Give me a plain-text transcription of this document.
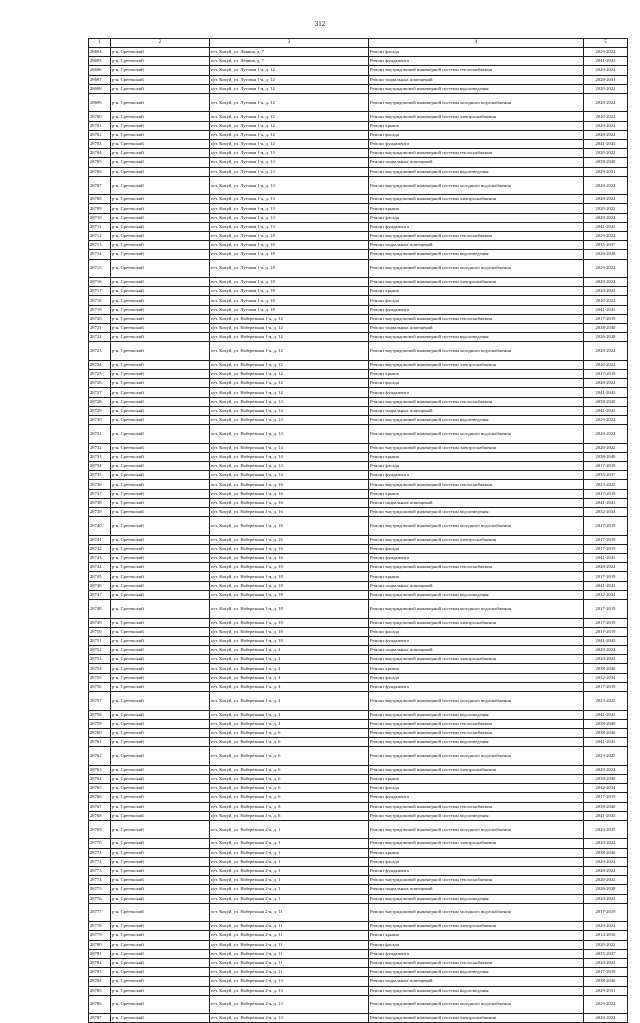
312
1	2	3	4	5
28694	р-н. Сретенский	пгт. Кокуй, ул. Ленина, д. 7	Ремонт фасада	2020-2022
28695	р-н. Сретенский	пгт. Кокуй, ул. Ленина, д. 7	Ремонт фундамента	2041-2043
28696	р-н. Сретенский	пгт. Кокуй, ул. Лутовая 1-я, д. 12	Ремонт внутридомовой инженерной системы теплоснабжения	2020-2022
28697	р-н. Сретенский	пгт. Кокуй, ул. Лутовая 1-я, д. 12	Ремонт подвальных помещений	2029-2031
28698	р-н. Сретенский	пгт. Кокуй, ул. Лутовая 1-я, д. 12	Ремонт внутридомовой инженерной системы водоотведения	2020-2022
28699	р-н. Сретенский	пгт. Кокуй, ул. Лутовая 1-я, д. 12	Ремонт внутридомовой инженерной системы холодного водоснабжения	2020-2022
28700	р-н. Сретенский	пгт. Кокуй, ул. Лутовая 1-я, д. 12	Ремонт внутридомовой инженерной системы электроснабжения	2020-2022
28701	р-н. Сретенский	пгт. Кокуй, ул. Лутовая 1-я, д. 12	Ремонт крыши	2020-2022
28702	р-н. Сретенский	пгт. Кокуй, ул. Лутовая 1-я, д. 12	Ремонт фасада	2020-2022
28703	р-н. Сретенский	пгт. Кокуй, ул. Лутовая 1-я, д. 12	Ремонт фундамента	2041-2043
28704	р-н. Сретенский	пгт. Кокуй, ул. Лутовая 1-я, д. 13	Ремонт внутридомовой инженерной системы теплоснабжения	2020-2022
28705	р-н. Сретенский	пгт. Кокуй, ул. Лутовая 1-я, д. 13	Ремонт подвальных помещений	2038-2040
28706	р-н. Сретенский	пгт. Кокуй, ул. Лутовая 1-я, д. 13	Ремонт внутридомовой инженерной системы водоотведения	2029-2031
28707	р-н. Сретенский	пгт. Кокуй, ул. Лутовая 1-я, д. 13	Ремонт внутридомовой инженерной системы холодного водоснабжения	2020-2022
28708	р-н. Сретенский	пгт. Кокуй, ул. Лутовая 1-я, д. 13	Ремонт внутридомовой инженерной системы электроснабжения	2020-2022
28709	р-н. Сретенский	пгт. Кокуй, ул. Лутовая 1-я, д. 13	Ремонт крыши	2020-2022
28710	р-н. Сретенский	пгт. Кокуй, ул. Лутовая 1-я, д. 13	Ремонт фасада	2020-2022
28711	р-н. Сретенский	пгт. Кокуй, ул. Лутовая 1-я, д. 13	Ремонт фундамента	2041-2043
28712	р-н. Сретенский	пгт. Кокуй, ул. Лутовая 1-я, д. 18	Ремонт внутридомовой инженерной системы теплоснабжения	2020-2022
28713	р-н. Сретенский	пгт. Кокуй, ул. Лутовая 1-я, д. 18	Ремонт подвальных помещений	2035-2037
28714	р-н. Сретенский	пгт. Кокуй, ул. Лутовая 1-я, д. 18	Ремонт внутридомовой инженерной системы водоотведения	2026-2028
28715	р-н. Сретенский	пгт. Кокуй, ул. Лутовая 1-я, д. 18	Ремонт внутридомовой инженерной системы холодного водоснабжения	2020-2022
28716	р-н. Сретенский	пгт. Кокуй, ул. Лутовая 1-я, д. 18	Ремонт внутридомовой инженерной системы электроснабжения	2020-2022
28717	р-н. Сретенский	пгт. Кокуй, ул. Лутовая 1-я, д. 18	Ремонт крыши	2020-2022
28718	р-н. Сретенский	пгт. Кокуй, ул. Лутовая 1-я, д. 18	Ремонт фасада	2020-2022
28719	р-н. Сретенский	пгт. Кокуй, ул. Лутовая 1-я, д. 18	Ремонт фундамента	2041-2043
28720	р-н. Сретенский	пгт. Кокуй, ул. Набережная 1-я, д. 12	Ремонт внутридомовой инженерной системы теплоснабжения	2017-2019
28721	р-н. Сретенский	пгт. Кокуй, ул. Набережная 1-я, д. 12	Ремонт подвальных помещений	2038-2040
28722	р-н. Сретенский	пгт. Кокуй, ул. Набережная 1-я, д. 12	Ремонт внутридомовой инженерной системы водоотведения	2026-2028
28723	р-н. Сретенский	пгт. Кокуй, ул. Набережная 1-я, д. 12	Ремонт внутридомовой инженерной системы холодного водоснабжения	2020-2022
28724	р-н. Сретенский	пгт. Кокуй, ул. Набережная 1-я, д. 12	Ремонт внутридомовой инженерной системы электроснабжения	2020-2022
28725	р-н. Сретенский	пгт. Кокуй, ул. Набережная 1-я, д. 12	Ремонт крыши	2017-2019
28726	р-н. Сретенский	пгт. Кокуй, ул. Набережная 1-я, д. 12	Ремонт фасада	2020-2022
28727	р-н. Сретенский	пгт. Кокуй, ул. Набережная 1-я, д. 12	Ремонт фундамента	2041-2043
28728	р-н. Сретенский	пгт. Кокуй, ул. Набережная 1-я, д. 14	Ремонт внутридомовой инженерной системы теплоснабжения	2038-2040
28729	р-н. Сретенский	пгт. Кокуй, ул. Набережная 1-я, д. 14	Ремонт подвальных помещений	2041-2043
28730	р-н. Сретенский	пгт. Кокуй, ул. Набережная 1-я, д. 14	Ремонт внутридомовой инженерной системы водоотведения	2020-2022
28731	р-н. Сретенский	пгт. Кокуй, ул. Набережная 1-я, д. 14	Ремонт внутридомовой инженерной системы холодного водоснабжения	2020-2022
28732	р-н. Сретенский	пгт. Кокуй, ул. Набережная 1-я, д. 14	Ремонт внутридомовой инженерной системы электроснабжения	2020-2022
28733	р-н. Сретенский	пгт. Кокуй, ул. Набережная 1-я, д. 14	Ремонт крыши	2038-2040
28734	р-н. Сретенский	пгт. Кокуй, ул. Набережная 1-я, д. 14	Ремонт фасада	2017-2019
28735	р-н. Сретенский	пгт. Кокуй, ул. Набережная 1-я, д. 14	Ремонт фундамента	2035-2037
28736	р-н. Сретенский	пгт. Кокуй, ул. Набережная 1-я, д. 16	Ремонт внутридомовой инженерной системы теплоснабжения	2023-2025
28737	р-н. Сретенский	пгт. Кокуй, ул. Набережная 1-я, д. 16	Ремонт крыши	2017-2019
28738	р-н. Сретенский	пгт. Кокуй, ул. Набережная 1-я, д. 16	Ремонт подвальных помещений	2041-2043
28739	р-н. Сретенский	пгт. Кокуй, ул. Набережная 1-я, д. 16	Ремонт внутридомовой инженерной системы водоотведения	2032-2034
28740	р-н. Сретенский	пгт. Кокуй, ул. Набережная 1-я, д. 16	Ремонт внутридомовой инженерной системы холодного водоснабжения	2017-2019
28741	р-н. Сретенский	пгт. Кокуй, ул. Набережная 1-я, д. 16	Ремонт внутридомовой инженерной системы электроснабжения	2017-2019
28742	р-н. Сретенский	пгт. Кокуй, ул. Набережная 1-я, д. 16	Ремонт фасада	2017-2019
28743	р-н. Сретенский	пгт. Кокуй, ул. Набережная 1-я, д. 16	Ремонт фундамента	2041-2043
28744	р-н. Сретенский	пгт. Кокуй, ул. Набережная 1-я, д. 18	Ремонт внутридомовой инженерной системы теплоснабжения	2020-2022
28745	р-н. Сретенский	пгт. Кокуй, ул. Набережная 1-я, д. 18	Ремонт крыши	2017-2019
28746	р-н. Сретенский	пгт. Кокуй, ул. Набережная 1-я, д. 18	Ремонт подвальных помещений	2041-2043
28747	р-н. Сретенский	пгт. Кокуй, ул. Набережная 1-я, д. 18	Ремонт внутридомовой инженерной системы водоотведения	2032-2034
28748	р-н. Сретенский	пгт. Кокуй, ул. Набережная 1-я, д. 18	Ремонт внутридомовой инженерной системы холодного водоснабжения	2017-2019
28749	р-н. Сретенский	пгт. Кокуй, ул. Набережная 1-я, д. 18	Ремонт внутридомовой инженерной системы электроснабжения	2017-2019
28750	р-н. Сретенский	пгт. Кокуй, ул. Набережная 1-я, д. 18	Ремонт фасада	2017-2019
28751	р-н. Сретенский	пгт. Кокуй, ул. Набережная 1-я, д. 18	Ремонт фундамента	2041-2043
28752	р-н. Сретенский	пгт. Кокуй, ул. Набережная 1-я, д. 4	Ремонт подвальных помещений	2020-2022
28753	р-н. Сретенский	пгт. Кокуй, ул. Набережная 1-я, д. 4	Ремонт внутридомовой инженерной системы электроснабжения	2020-2022
28754	р-н. Сретенский	пгт. Кокуй, ул. Набережная 1-я, д. 4	Ремонт крыши	2038-2040
28755	р-н. Сретенский	пгт. Кокуй, ул. Набережная 1-я, д. 4	Ремонт фасада	2032-2034
28756	р-н. Сретенский	пгт. Кокуй, ул. Набережная 1-я, д. 4	Ремонт фундамента	2017-2019
28757	р-н. Сретенский	пгт. Кокуй, ул. Набережная 1-я, д. 4	Ремонт внутридомовой инженерной системы холодного водоснабжения	2023-2025
28758	р-н. Сретенский	пгт. Кокуй, ул. Набережная 1-я, д. 4	Ремонт внутридомовой инженерной системы водоотведения	2041-2043
28759	р-н. Сретенский	пгт. Кокуй, ул. Набережная 1-я, д. 4	Ремонт внутридомовой инженерной системы теплоснабжения	2038-2040
28760	р-н. Сретенский	пгт. Кокуй, ул. Набережная 1-я, д. 6	Ремонт внутридомовой инженерной системы теплоснабжения	2038-2040
28761	р-н. Сретенский	пгт. Кокуй, ул. Набережная 1-я, д. 6	Ремонт внутридомовой инженерной системы водоотведения	2041-2043
28762	р-н. Сретенский	пгт. Кокуй, ул. Набережная 1-я, д. 6	Ремонт внутридомовой инженерной системы холодного водоснабжения	2023-2025
28763	р-н. Сретенский	пгт. Кокуй, ул. Набережная 1-я, д. 6	Ремонт внутридомовой инженерной системы электроснабжения	2020-2022
28764	р-н. Сретенский	пгт. Кокуй, ул. Набережная 1-я, д. 6	Ремонт крыши	2038-2040
28765	р-н. Сретенский	пгт. Кокуй, ул. Набережная 1-я, д. 6	Ремонт фасада	2032-2034
28766	р-н. Сретенский	пгт. Кокуй, ул. Набережная 1-я, д. 6	Ремонт фундамента	2017-2019
28767	р-н. Сретенский	пгт. Кокуй, ул. Набережная 1-я, д. 8	Ремонт внутридомовой инженерной системы теплоснабжения	2038-2040
28768	р-н. Сретенский	пгт. Кокуй, ул. Набережная 1-я, д. 8	Ремонт внутридомовой инженерной системы водоотведения	2041-2043
28769	р-н. Сретенский	пгт. Кокуй, ул. Набережная 2-я, д. 1	Ремонт внутридомовой инженерной системы холодного водоснабжения	2023-2025
28770	р-н. Сретенский	пгт. Кокуй, ул. Набережная 2-я, д. 1	Ремонт внутридомовой инженерной системы электроснабжения	2020-2022
28771	р-н. Сретенский	пгт. Кокуй, ул. Набережная 2-я, д. 1	Ремонт крыши	2038-2040
28772	р-н. Сретенский	пгт. Кокуй, ул. Набережная 2-я, д. 1	Ремонт фасада	2020-2022
28773	р-н. Сретенский	пгт. Кокуй, ул. Набережная 2-я, д. 1	Ремонт фундамента	2020-2022
28774	р-н. Сретенский	пгт. Кокуй, ул. Набережная 2-я, д. 1	Ремонт внутридомовой инженерной системы теплоснабжения	2020-2022
28775	р-н. Сретенский	пгт. Кокуй, ул. Набережная 2-я, д. 1	Ремонт подвальных помещений	2026-2028
28776	р-н. Сретенский	пгт. Кокуй, ул. Набережная 2-я, д. 1	Ремонт внутридомовой инженерной системы водоотведения	2020-2022
28777	р-н. Сретенский	пгт. Кокуй, ул. Набережная 2-я, д. 11	Ремонт внутридомовой инженерной системы холодного водоснабжения	2017-2019
28778	р-н. Сретенский	пгт. Кокуй, ул. Набережная 2-я, д. 11	Ремонт внутридомовой инженерной системы электроснабжения	2020-2022
28779	р-н. Сретенский	пгт. Кокуй, ул. Набережная 2-я, д. 11	Ремонт крыши	2014-2016
28780	р-н. Сретенский	пгт. Кокуй, ул. Набережная 2-я, д. 11	Ремонт фасада	2020-2022
28781	р-н. Сретенский	пгт. Кокуй, ул. Набережная 2-я, д. 11	Ремонт фундамента	2035-2037
28782	р-н. Сретенский	пгт. Кокуй, ул. Набережная 2-я, д. 11	Ремонт внутридомовой инженерной системы теплоснабжения	2020-2022
28783	р-н. Сретенский	пгт. Кокуй, ул. Набережная 2-я, д. 11	Ремонт внутридомовой инженерной системы водоотведения	2017-2019
28784	р-н. Сретенский	пгт. Кокуй, ул. Набережная 2-я, д. 13	Ремонт подвальных помещений	2038-2040
28785	р-н. Сретенский	пгт. Кокуй, ул. Набережная 2-я, д. 13	Ремонт внутридомовой инженерной системы водоотведения	2029-2031
28786	р-н. Сретенский	пгт. Кокуй, ул. Набережная 2-я, д. 13	Ремонт внутридомовой инженерной системы холодного водоснабжения	2020-2022
28787	р-н. Сретенский	пгт. Кокуй, ул. Набережная 2-я, д. 13	Ремонт внутридомовой инженерной системы электроснабжения	2020-2022
